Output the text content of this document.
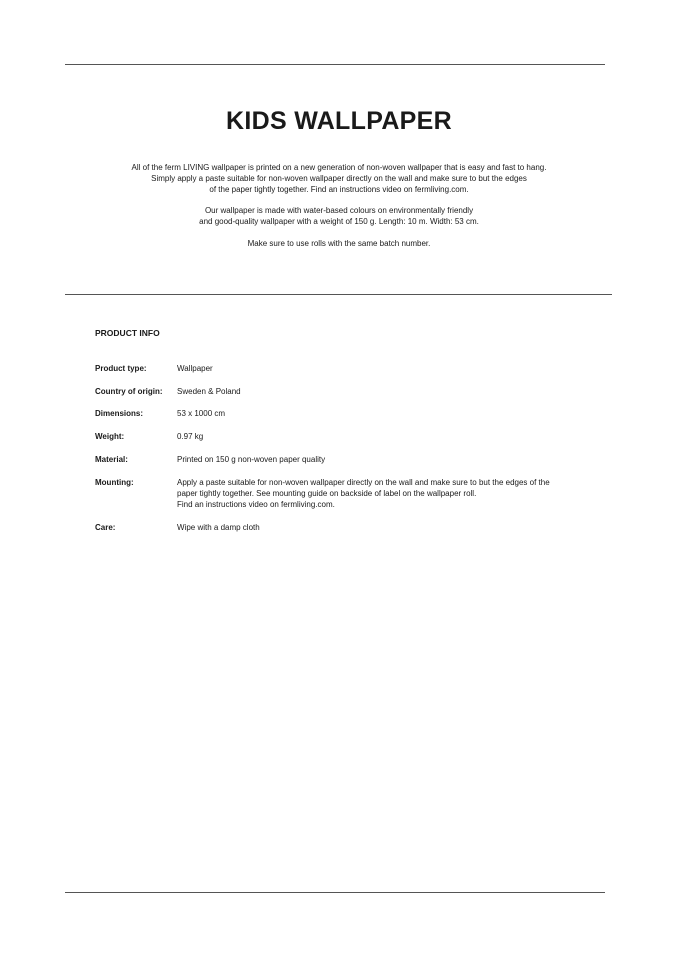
KIDS WALLPAPER
All of the ferm LIVING wallpaper is printed on a new generation of non-woven wallpaper that is easy and fast to hang.
Simply apply a paste suitable for non-woven wallpaper directly on the wall and make sure to but the edges
of the paper tightly together. Find an instructions video on fermliving.com.
Our wallpaper is made with water-based colours on environmentally friendly
and good-quality wallpaper with a weight of 150 g. Length: 10 m. Width: 53 cm.
Make sure to use rolls with the same batch number.
PRODUCT INFO
Product type:	Wallpaper
Country of origin: Sweden & Poland
Dimensions:	53 x 1000 cm
Weight:	0.97 kg
Material:	Printed on 150 g non-woven paper quality
Mounting:	Apply a paste suitable for non-woven wallpaper directly on the wall and make sure to but the edges of the
paper tightly together. See mounting guide on backside of label on the wallpaper roll.
Find an instructions video on fermliving.com.
Care:	Wipe with a damp cloth
